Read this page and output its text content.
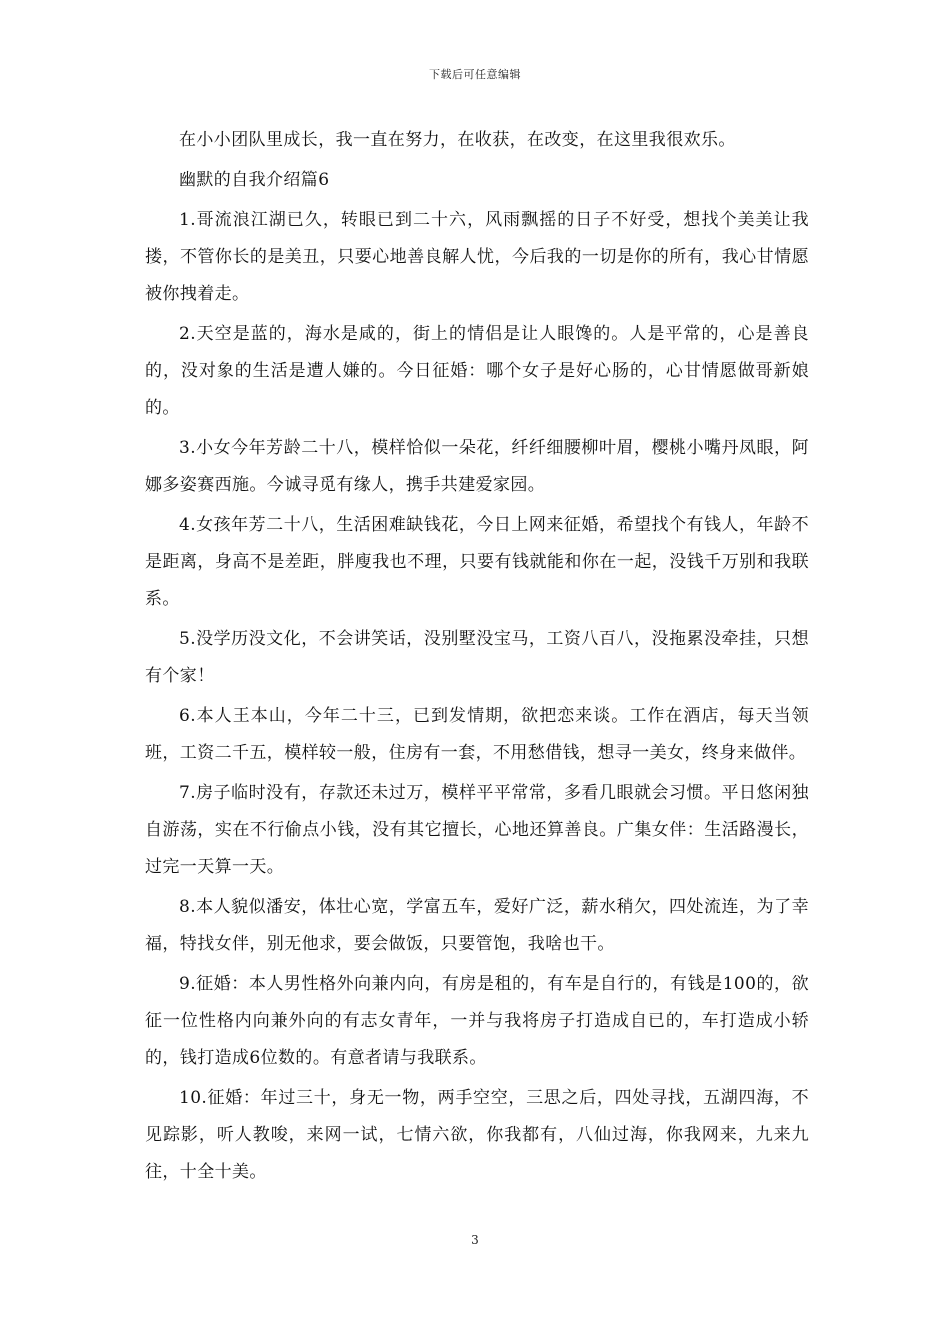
下载后可任意编辑

在小小团队里成长，我一直在努力，在收获，在改变，在这里我很欢乐。

幽默的自我介绍篇6

1.哥流浪江湖已久，转眼已到二十六，风雨飘摇的日子不好受，想找个美美让我搂，不管你长的是美丑，只要心地善良解人忧，今后我的一切是你的所有，我心甘情愿被你拽着走。

2.天空是蓝的，海水是咸的，街上的情侣是让人眼馋的。人是平常的，心是善良的，没对象的生活是遭人嫌的。今日征婚：哪个女子是好心肠的，心甘情愿做哥新娘的。

3.小女今年芳龄二十八，模样恰似一朵花，纤纤细腰柳叶眉，樱桃小嘴丹凤眼，阿娜多姿赛西施。今诚寻觅有缘人，携手共建爱家园。

4.女孩年芳二十八，生活困难缺钱花，今日上网来征婚，希望找个有钱人，年龄不是距离，身高不是差距，胖廋我也不理，只要有钱就能和你在一起，没钱千万别和我联系。

5.没学历没文化，不会讲笑话，没别墅没宝马，工资八百八，没拖累没牵挂，只想有个家！

6.本人王本山，今年二十三，已到发情期，欲把恋来谈。工作在酒店，每天当领班，工资二千五，模样较一般，住房有一套，不用愁借钱，想寻一美女，终身来做伴。

7.房子临时没有，存款还未过万，模样平平常常，多看几眼就会习惯。平日悠闲独自游荡，实在不行偷点小钱，没有其它擅长，心地还算善良。广集女伴：生活路漫长，过完一天算一天。

8.本人貌似潘安，体壮心宽，学富五车，爱好广泛，薪水稍欠，四处流连，为了幸福，特找女伴，别无他求，要会做饭，只要管饱，我啥也干。

9.征婚：本人男性格外向兼内向，有房是租的，有车是自行的，有钱是100的，欲征一位性格内向兼外向的有志女青年，一并与我将房子打造成自已的，车打造成小轿的，钱打造成6位数的。有意者请与我联系。

10.征婚：年过三十，身无一物，两手空空，三思之后，四处寻找，五湖四海，不见踪影，听人教唆，来网一试，七情六欲，你我都有，八仙过海，你我网来，九来九往，十全十美。

3
